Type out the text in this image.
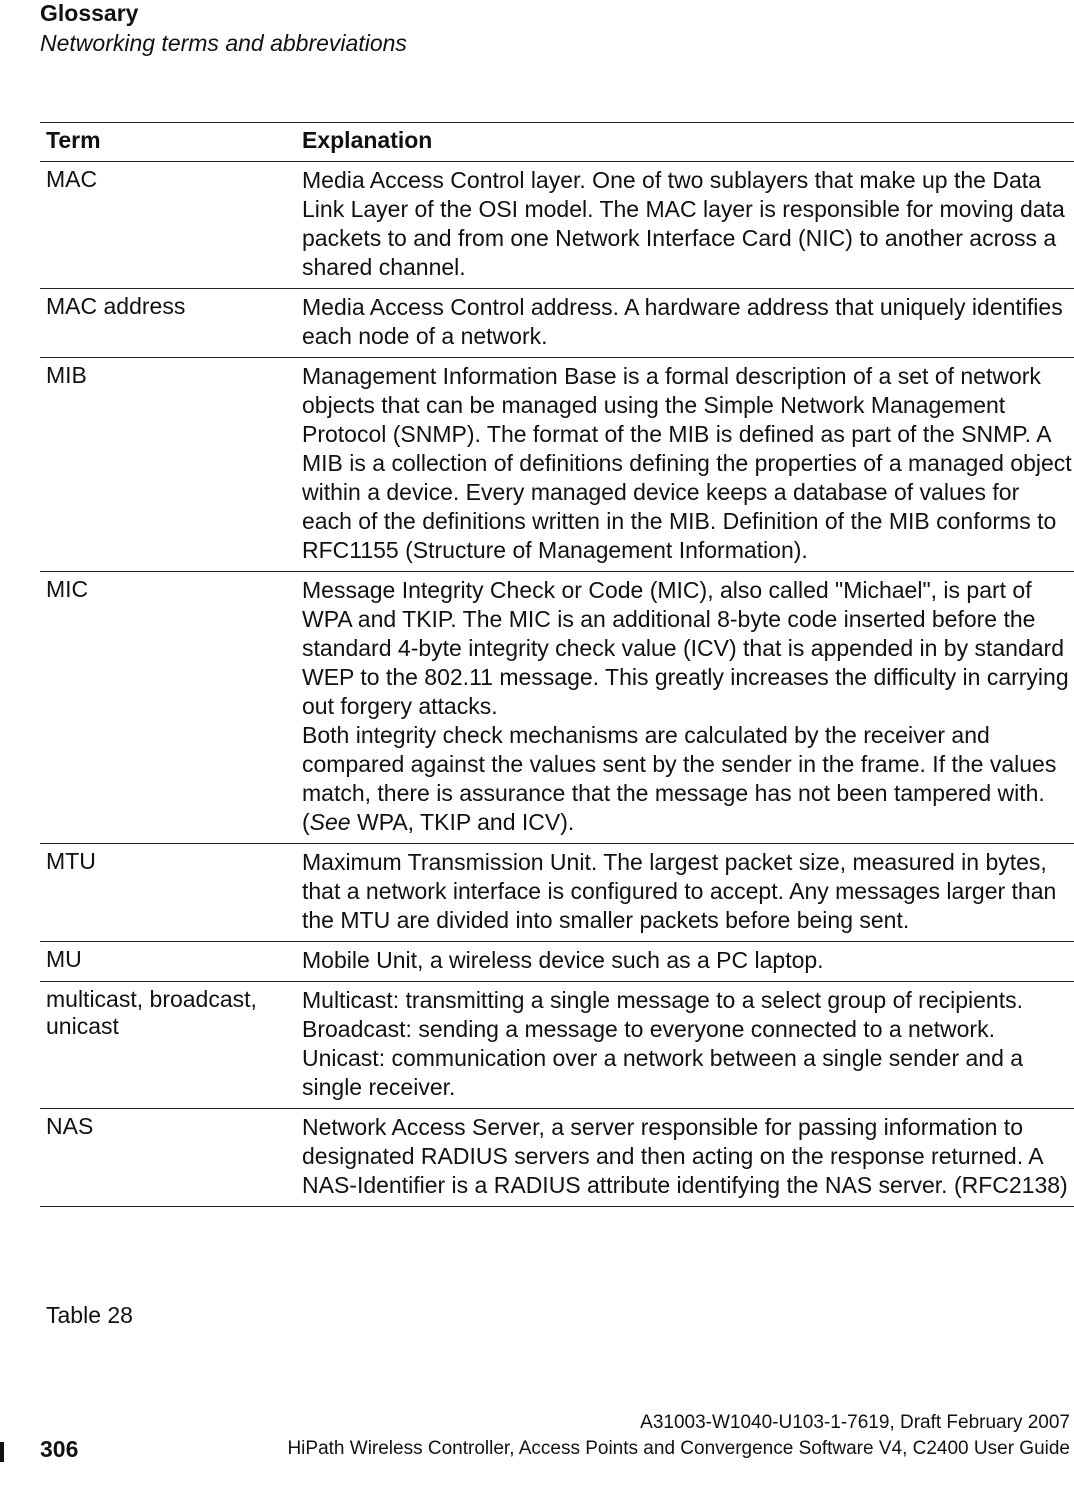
Glossary
Networking terms and abbreviations
Term	Explanation
MAC	Media Access Control layer. One of two sublayers that make up the Data Link Layer of the OSI model. The MAC layer is responsible for moving data packets to and from one Network Interface Card (NIC) to another across a shared channel.

MAC address	Media Access Control address. A hardware address that uniquely identifies each node of a network.

MIB	Management Information Base is a formal description of a set of network objects that can be managed using the Simple Network Management Protocol (SNMP). The format of the MIB is defined as part of the SNMP. A MIB is a collection of definitions defining the properties of a managed object within a device. Every managed device keeps a database of values for each of the definitions written in the MIB. Definition of the MIB conforms to RFC1155 (Structure of Management Information).

MIC	Message Integrity Check or Code (MIC), also called "Michael", is part of WPA and TKIP. The MIC is an additional 8-byte code inserted before the standard 4-byte integrity check value (ICV) that is appended in by standard WEP to the 802.11 message. This greatly increases the difficulty in carrying out forgery attacks.
Both integrity check mechanisms are calculated by the receiver and compared against the values sent by the sender in the frame. If the values match, there is assurance that the message has not been tampered with. (See WPA, TKIP and ICV).

MTU	Maximum Transmission Unit. The largest packet size, measured in bytes, that a network interface is configured to accept. Any messages larger than the MTU are divided into smaller packets before being sent.

MU	Mobile Unit, a wireless device such as a PC laptop.

multicast, broadcast, unicast	Multicast: transmitting a single message to a select group of recipients. Broadcast: sending a message to everyone connected to a network. Unicast: communication over a network between a single sender and a single receiver.

NAS	Network Access Server, a server responsible for passing information to designated RADIUS servers and then acting on the response returned. A NAS-Identifier is a RADIUS attribute identifying the NAS server. (RFC2138)
Table 28
306
A31003-W1040-U103-1-7619, Draft February 2007
HiPath Wireless Controller, Access Points and Convergence Software V4, C2400 User Guide
